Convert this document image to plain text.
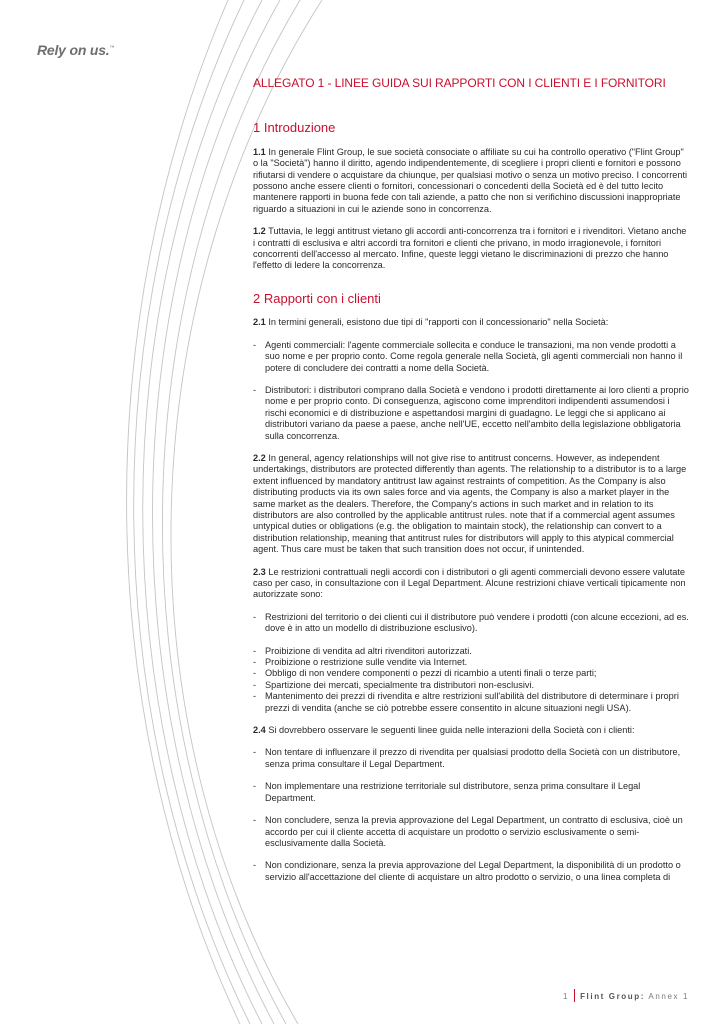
Rely on us.™
ALLEGATO 1 - LINEE GUIDA SUI RAPPORTI CON I CLIENTI E I FORNITORI
1 Introduzione

1.1 In generale Flint Group, le sue società consociate o affiliate su cui ha controllo operativo ("Flint Group" o la "Società") hanno il diritto, agendo indipendentemente, di scegliere i propri clienti e fornitori e possono rifiutarsi di vendere o acquistare da chiunque, per qualsiasi motivo o senza un motivo preciso. I concorrenti possono anche essere clienti o fornitori, concessionari o concedenti della Società ed è del tutto lecito mantenere rapporti in buona fede con tali aziende, a patto che non si verifichino discussioni inappropriate riguardo a situazioni in cui le aziende sono in concorrenza.

1.2 Tuttavia, le leggi antitrust vietano gli accordi anti-concorrenza tra i fornitori e i rivenditori. Vietano anche i contratti di esclusiva e altri accordi tra fornitori e clienti che privano, in modo irragionevole, i fornitori concorrenti dell'accesso al mercato. Infine, queste leggi vietano le discriminazioni di prezzo che hanno l'effetto di ledere la concorrenza.

2 Rapporti con i clienti

2.1 In termini generali, esistono due tipi di "rapporti con il concessionario" nella Società:

- Agenti commerciali: l'agente commerciale sollecita e conduce le transazioni, ma non vende prodotti a suo nome e per proprio conto. Come regola generale nella Società, gli agenti commerciali non hanno il potere di concludere dei contratti a nome della Società.
- Distributori: i distributori comprano dalla Società e vendono i prodotti direttamente ai loro clienti a proprio nome e per proprio conto. Di conseguenza, agiscono come imprenditori indipendenti assumendosi i rischi economici e di distribuzione e aspettandosi margini di guadagno. Le leggi che si applicano ai distributori variano da paese a paese, anche nell'UE, eccetto nell'ambito della legislazione obbligatoria sulla concorrenza.

2.2 In general, agency relationships will not give rise to antitrust concerns. However, as independent undertakings, distributors are protected differently than agents. The relationship to a distributor is to a large extent influenced by mandatory antitrust law against restraints of competition. As the Company is also distributing products via its own sales force and via agents, the Company is also a market player in the same market as the dealers. Therefore, the Company's actions in such market and in relation to its distributors are also controlled by the applicable antitrust rules. note that if a commercial agent assumes untypical duties or obligations (e.g. the obligation to maintain stock), the relationship can convert to a distribution relationship, meaning that antitrust rules for distributors will apply to this atypical commercial agent. Thus care must be taken that such transition does not occur, if unintended.

2.3 Le restrizioni contrattuali negli accordi con i distributori o gli agenti commerciali devono essere valutate caso per caso, in consultazione con il Legal Department. Alcune restrizioni chiave verticali tipicamente non autorizzate sono:

- Restrizioni del territorio o dei clienti cui il distributore può vendere i prodotti (con alcune eccezioni, ad es. dove è in atto un modello di distribuzione esclusivo).
- Proibizione di vendita ad altri rivenditori autorizzati.
- Proibizione o restrizione sulle vendite via Internet.
- Obbligo di non vendere componenti o pezzi di ricambio a utenti finali o terze parti;
- Spartizione dei mercati, specialmente tra distributori non-esclusivi.
- Mantenimento dei prezzi di rivendita e altre restrizioni sull'abilità del distributore di determinare i propri prezzi di vendita (anche se ciò potrebbe essere consentito in alcune situazioni negli USA).

2.4 Si dovrebbero osservare le seguenti linee guida nelle interazioni della Società con i clienti:

- Non tentare di influenzare il prezzo di rivendita per qualsiasi prodotto della Società con un distributore, senza prima consultare il Legal Department.
- Non implementare una restrizione territoriale sul distributore, senza prima consultare il Legal Department.
- Non concludere, senza la previa approvazione del Legal Department, un contratto di esclusiva, cioè un accordo per cui il cliente accetta di acquistare un prodotto o servizio esclusivamente o semi-esclusivamente dalla Società.
- Non condizionare, senza la previa approvazione del Legal Department, la disponibilità di un prodotto o servizio all'accettazione del cliente di acquistare un altro prodotto o servizio, o una linea completa di
1 Flint Group: Annex 1
